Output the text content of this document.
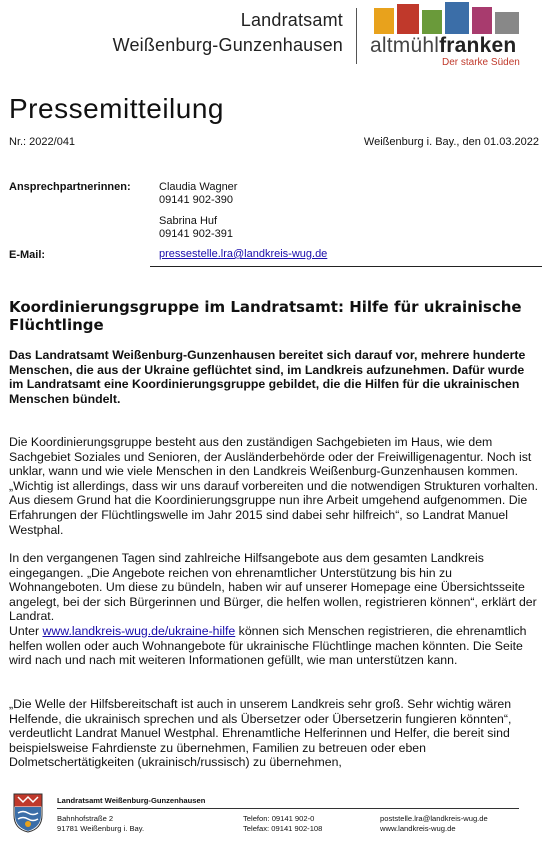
Landratsamt
Weißenburg-Gunzenhausen altmühlfranken
Der starke Süden
Pressemitteilung
Nr.: 2022/041	Weißenburg i. Bay., den 01.03.2022
Ansprechpartnerinnen:	Claudia Wagner
09141 902-390
Sabrina Huf
09141 902-391
E-Mail:	pressestelle.lra@landkreis-wug.de
Koordinierungsgruppe im Landratsamt: Hilfe für ukrainische Flüchtlinge
Das Landratsamt Weißenburg-Gunzenhausen bereitet sich darauf vor, mehrere hunderte Menschen, die aus der Ukraine geflüchtet sind, im Landkreis aufzunehmen. Dafür wurde im Landratsamt eine Koordinierungsgruppe gebildet, die die Hilfen für die ukrainischen Menschen bündelt.
Die Koordinierungsgruppe besteht aus den zuständigen Sachgebieten im Haus, wie dem Sachgebiet Soziales und Senioren, der Ausländerbehörde oder der Freiwilligenagentur. Noch ist unklar, wann und wie viele Menschen in den Landkreis Weißenburg-Gunzenhausen kommen. „Wichtig ist allerdings, dass wir uns darauf vorbereiten und die notwendigen Strukturen vorhalten. Aus diesem Grund hat die Koordinierungsgruppe nun ihre Arbeit umgehend aufgenommen. Die Erfahrungen der Flüchtlingswelle im Jahr 2015 sind dabei sehr hilfreich“, so Landrat Manuel Westphal.
In den vergangenen Tagen sind zahlreiche Hilfsangebote aus dem gesamten Landkreis eingegangen. „Die Angebote reichen von ehrenamtlicher Unterstützung bis hin zu Wohnangeboten. Um diese zu bündeln, haben wir auf unserer Homepage eine Übersichtsseite angelegt, bei der sich Bürgerinnen und Bürger, die helfen wollen, registrieren können“, erklärt der Landrat.
Unter www.landkreis-wug.de/ukraine-hilfe können sich Menschen registrieren, die ehrenamtlich helfen wollen oder auch Wohnangebote für ukrainische Flüchtlinge machen könnten. Die Seite wird nach und nach mit weiteren Informationen gefüllt, wie man unterstützen kann.
„Die Welle der Hilfsbereitschaft ist auch in unserem Landkreis sehr groß. Sehr wichtig wären Helfende, die ukrainisch sprechen und als Übersetzer oder Übersetzerin fungieren könnten“, verdeutlicht Landrat Manuel Westphal. Ehrenamtliche Helferinnen und Helfer, die bereit sind beispielsweise Fahrdienste zu übernehmen, Familien zu betreuen oder eben Dolmetschertätigkeiten (ukrainisch/russisch) zu übernehmen,
Landratsamt Weißenburg-Gunzenhausen
Bahnhofstraße 2
91781 Weißenburg i. Bay.
Telefon: 09141 902-0
Telefax: 09141 902-108
poststelle.lra@landkreis-wug.de
www.landkreis-wug.de
